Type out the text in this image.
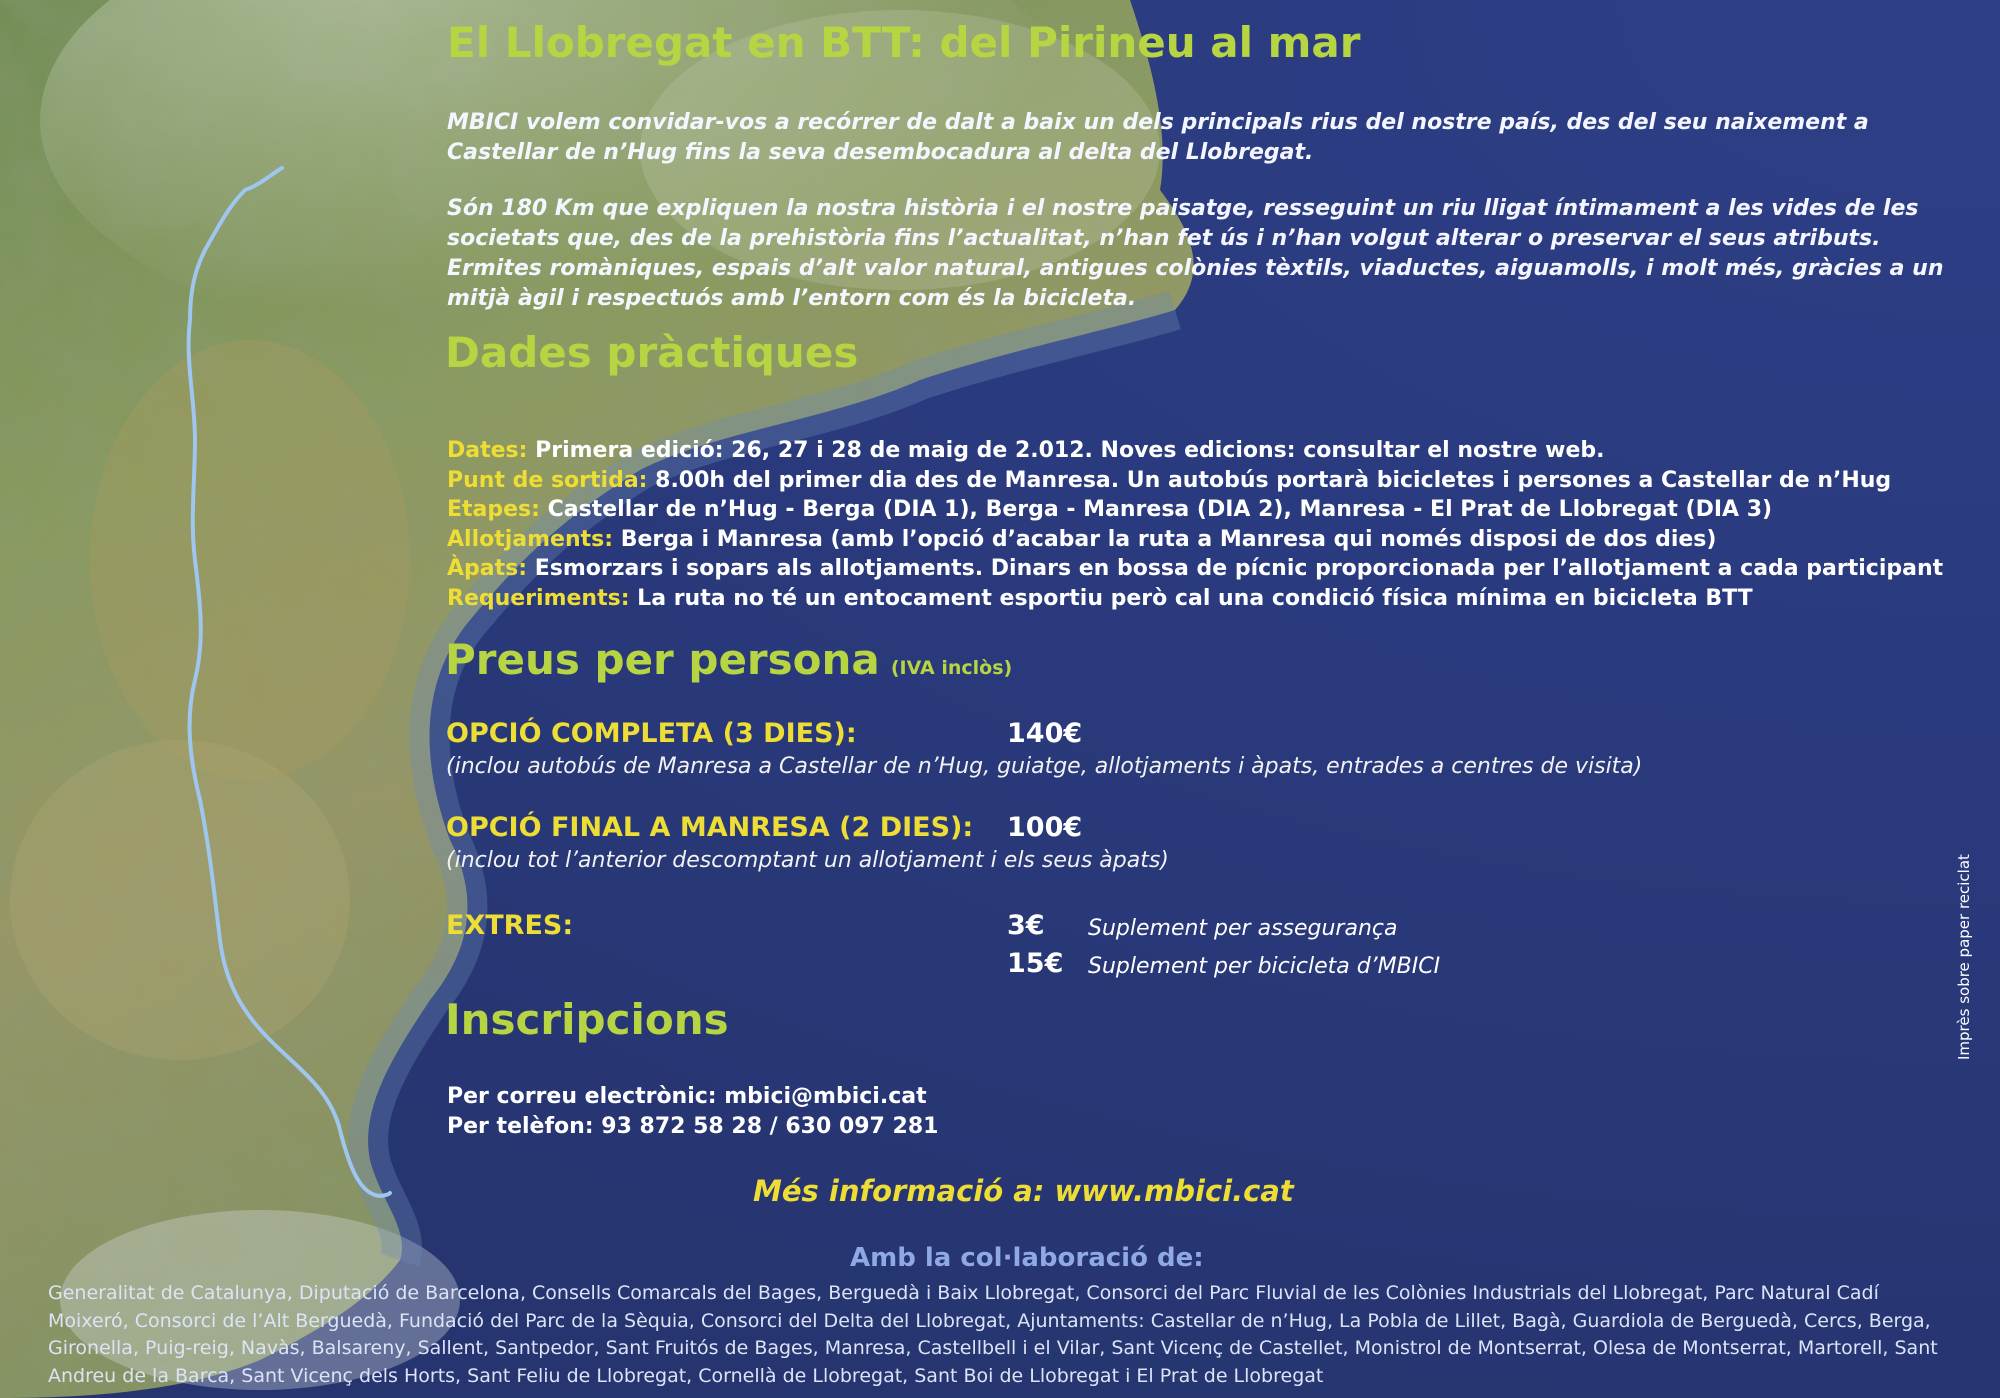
El Llobregat en BTT: del Pirineu al mar
MBICI volem convidar-vos a recórrer de dalt a baix un dels principals rius del nostre país, des del seu naixement a Castellar de n’Hug fins la seva desembocadura al delta del Llobregat.
Són 180 Km que expliquen la nostra història i el nostre paisatge, resseguint un riu lligat íntimament a les vides de les societats que, des de la prehistòria fins l’actualitat, n’han fet ús i n’han volgut alterar o preservar el seus atributs. Ermites romàniques, espais d’alt valor natural, antigues colònies tèxtils, viaductes, aiguamolls, i molt més, gràcies a un mitjà àgil i respectuós amb l’entorn com és la bicicleta.
Dades pràctiques
Dates: Primera edició: 26, 27 i 28 de maig de 2.012. Noves edicions: consultar el nostre web.
Punt de sortida: 8.00h del primer dia des de Manresa. Un autobús portarà bicicletes i persones a Castellar de n’Hug
Etapes: Castellar de n’Hug - Berga (DIA 1), Berga - Manresa (DIA 2), Manresa - El Prat de Llobregat (DIA 3)
Allotjaments: Berga i Manresa (amb l’opció d’acabar la ruta a Manresa qui només disposi de dos dies)
Àpats: Esmorzars i sopars als allotjaments. Dinars en bossa de pícnic proporcionada per l’allotjament a cada participant
Requeriments: La ruta no té un entocament esportiu però cal una condició física mínima en bicicleta BTT
Preus per persona (IVA inclòs)
OPCIÓ COMPLETA (3 DIES):	140€
(inclou autobús de Manresa a Castellar de n’Hug, guiatge, allotjaments i àpats, entrades a centres de visita)
OPCIÓ FINAL A MANRESA (2 DIES): 100€
(inclou tot l’anterior descomptant un allotjament i els seus àpats)
EXTRES:	3€ Suplement per assegurança
15€ Suplement per bicicleta d’MBICI
Inscripcions
Per correu electrònic: mbici@mbici.cat
Per telèfon: 93 872 58 28 / 630 097 281
Més informació a: www.mbici.cat
Amb la col·laboració de:
Generalitat de Catalunya, Diputació de Barcelona, Consells Comarcals del Bages, Berguedà i Baix Llobregat, Consorci del Parc Fluvial de les Colònies Industrials del Llobregat, Parc Natural Cadí Moixeró, Consorci de l’Alt Berguedà, Fundació del Parc de la Sèquia, Consorci del Delta del Llobregat, Ajuntaments: Castellar de n’Hug, La Pobla de Lillet, Bagà, Guardiola de Berguedà, Cercs, Berga, Gironella, Puig-reig, Navàs, Balsareny, Sallent, Santpedor, Sant Fruitós de Bages, Manresa, Castellbell i el Vilar, Sant Vicenç de Castellet, Monistrol de Montserrat, Olesa de Montserrat, Martorell, Sant Andreu de la Barca, Sant Vicenç dels Horts, Sant Feliu de Llobregat, Cornellà de Llobregat, Sant Boi de Llobregat i El Prat de Llobregat
Imprès sobre paper reciclat
